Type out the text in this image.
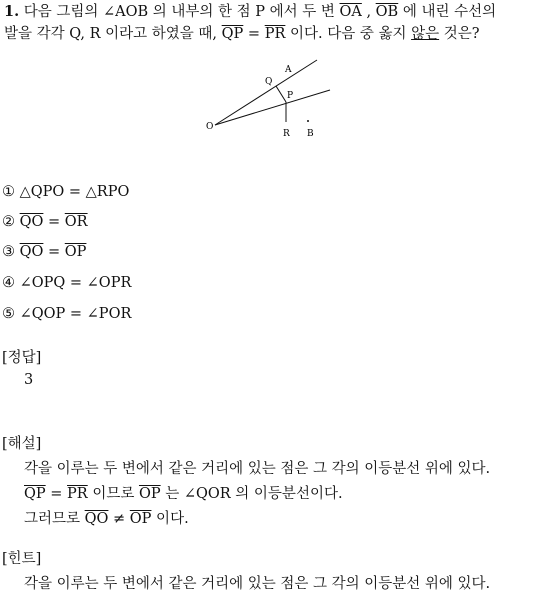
1. 다음 그림의 ∠AOB 의 내부의 한 점 P 에서 두 변 $\overline{OA}$ , $\overline{OB}$ 에 내린 수선의
발을 각각 Q, R 이라고 하였을 때, $\overline{QP} = \overline{PR}$ 이다. 다음 중 옳지 않은 것은?
O
A
Q
P
R B
① △QPO = △RPO
② $\overline{QO} = \overline{OR}$
③ $\overline{QO} = \overline{OP}$
④ ∠OPQ = ∠OPR
⑤ ∠QOP = ∠POR
[정답]
3
[해설]
각을 이루는 두 변에서 같은 거리에 있는 점은 그 각의 이등분선 위에 있다.
$\overline{QP} = \overline{PR}$ 이므로 $\overline{OP}$ 는 ∠QOR 의 이등분선이다.
그러므로 $\overline{QO} \ne \overline{OP}$ 이다.
[힌트]
각을 이루는 두 변에서 같은 거리에 있는 점은 그 각의 이등분선 위에 있다.
